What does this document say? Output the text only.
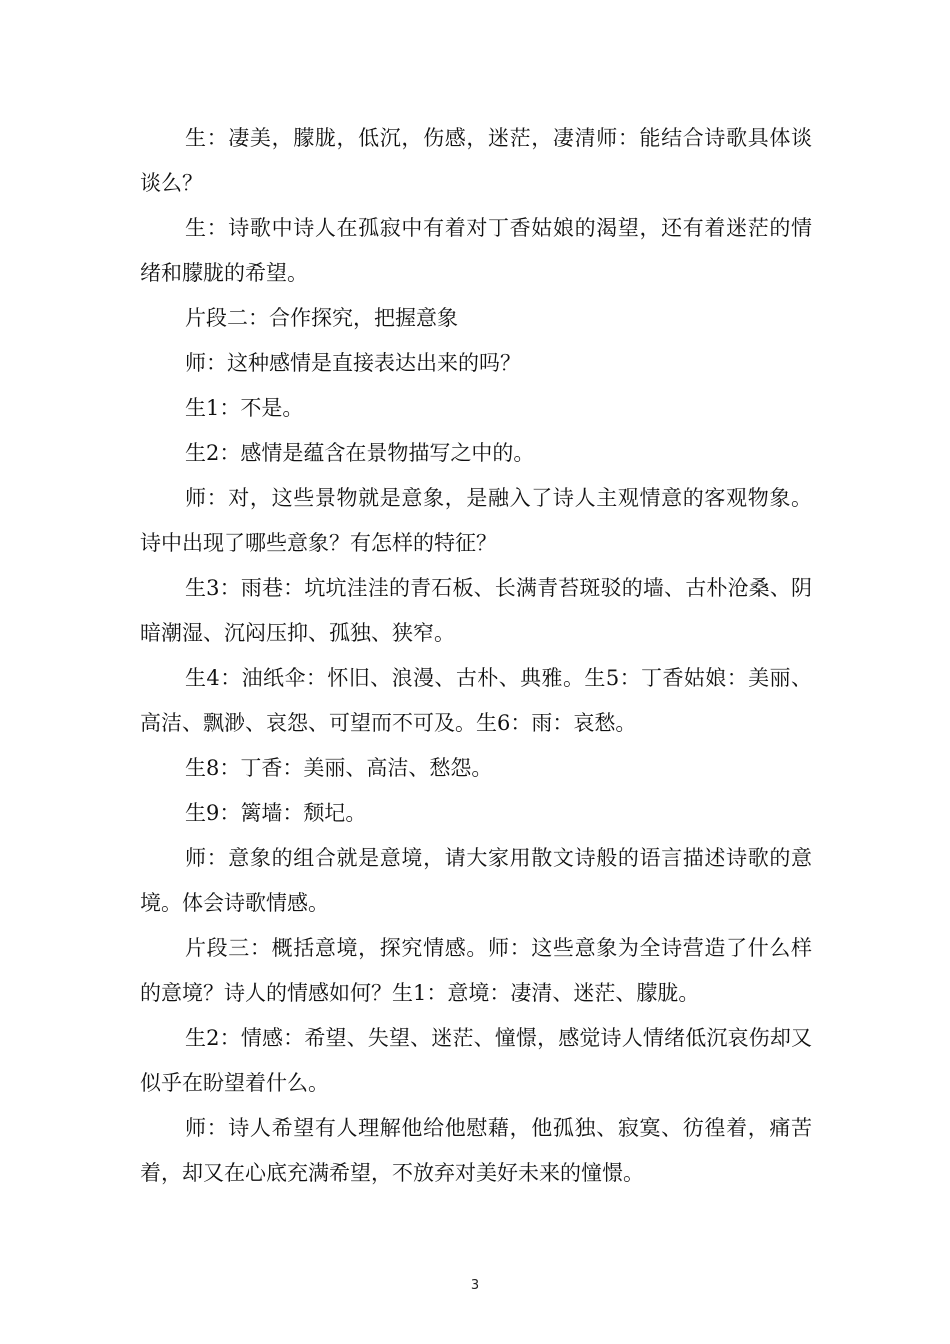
生：凄美，朦胧，低沉，伤感，迷茫，凄清师：能结合诗歌具体谈谈么？

生：诗歌中诗人在孤寂中有着对丁香姑娘的渴望，还有着迷茫的情绪和朦胧的希望。

片段二：合作探究，把握意象

师：这种感情是直接表达出来的吗？

生1：不是。

生2：感情是蕴含在景物描写之中的。

师：对，这些景物就是意象，是融入了诗人主观情意的客观物象。诗中出现了哪些意象？有怎样的特征？

生3：雨巷：坑坑洼洼的青石板、长满青苔斑驳的墙、古朴沧桑、阴暗潮湿、沉闷压抑、孤独、狭窄。

生4：油纸伞：怀旧、浪漫、古朴、典雅。生5：丁香姑娘：美丽、高洁、飘渺、哀怨、可望而不可及。生6：雨：哀愁。

生8：丁香：美丽、高洁、愁怨。

生9：篱墙：颓圮。

师：意象的组合就是意境，请大家用散文诗般的语言描述诗歌的意境。体会诗歌情感。

片段三：概括意境，探究情感。师：这些意象为全诗营造了什么样的意境？诗人的情感如何？生1：意境：凄清、迷茫、朦胧。

生2：情感：希望、失望、迷茫、憧憬，感觉诗人情绪低沉哀伤却又似乎在盼望着什么。

师：诗人希望有人理解他给他慰藉，他孤独、寂寞、彷徨着，痛苦着，却又在心底充满希望，不放弃对美好未来的憧憬。

3
